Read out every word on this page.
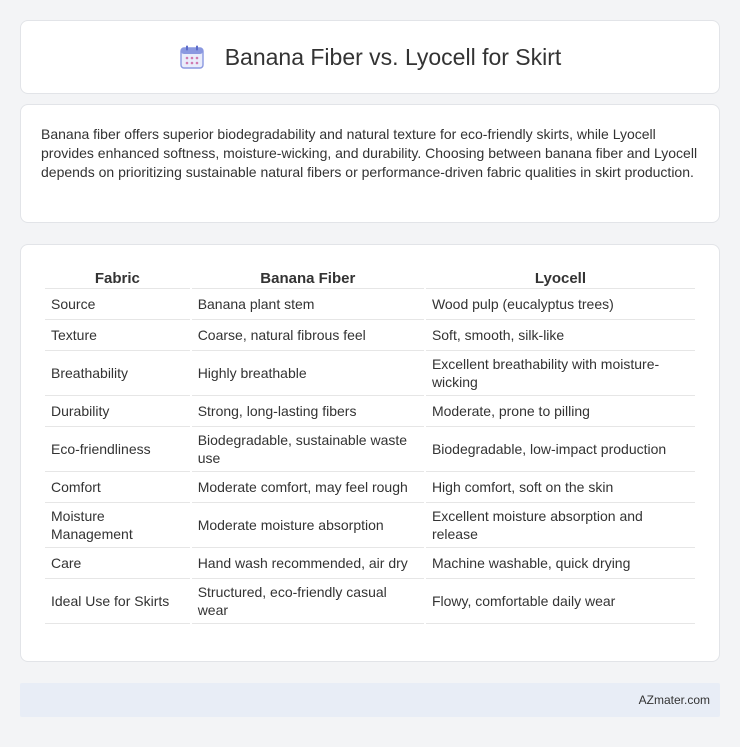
Banana Fiber vs. Lyocell for Skirt

Banana fiber offers superior biodegradability and natural texture for eco-friendly skirts, while Lyocell provides enhanced softness, moisture-wicking, and durability. Choosing between banana fiber and Lyocell depends on prioritizing sustainable natural fibers or performance-driven fabric qualities in skirt production.

Fabric	Banana Fiber	Lyocell
Source	Banana plant stem	Wood pulp (eucalyptus trees)
Texture	Coarse, natural fibrous feel	Soft, smooth, silk-like
Breathability	Highly breathable	Excellent breathability with moisture-wicking
Durability	Strong, long-lasting fibers	Moderate, prone to pilling
Eco-friendliness	Biodegradable, sustainable waste use	Biodegradable, low-impact production
Comfort	Moderate comfort, may feel rough	High comfort, soft on the skin
Moisture Management	Moderate moisture absorption	Excellent moisture absorption and release
Care	Hand wash recommended, air dry	Machine washable, quick drying
Ideal Use for Skirts	Structured, eco-friendly casual wear	Flowy, comfortable daily wear
AZmater.com
